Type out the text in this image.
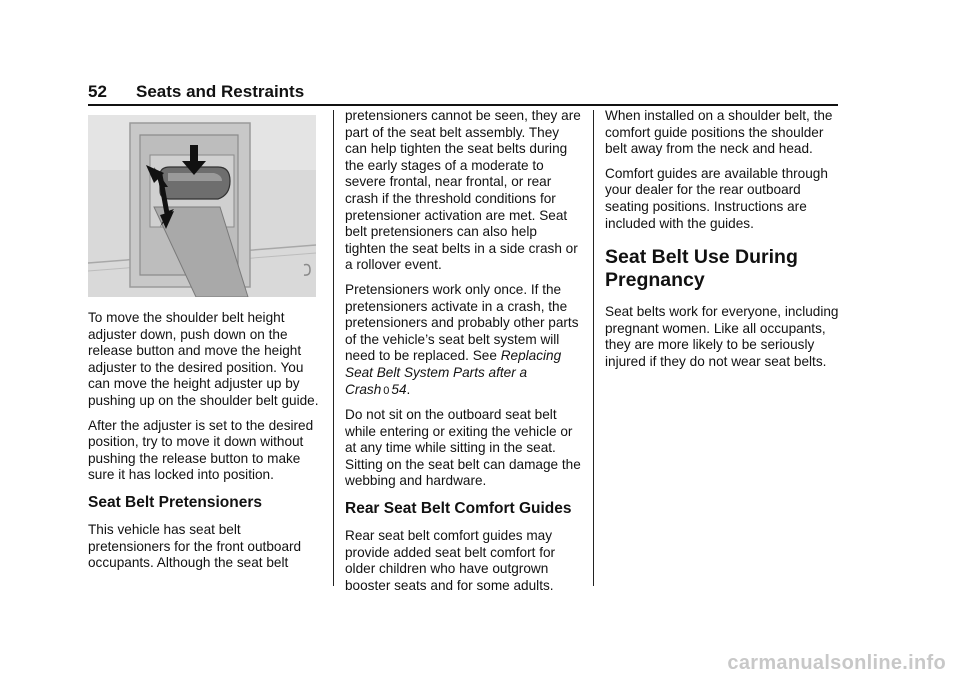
52 Seats and Restraints

To move the shoulder belt height adjuster down, push down on the release button and move the height adjuster to the desired position. You can move the height adjuster up by pushing up on the shoulder belt guide.

After the adjuster is set to the desired position, try to move it down without pushing the release button to make sure it has locked into position.

Seat Belt Pretensioners

This vehicle has seat belt pretensioners for the front outboard occupants. Although the seat belt

pretensioners cannot be seen, they are part of the seat belt assembly. They can help tighten the seat belts during the early stages of a moderate to severe frontal, near frontal, or rear crash if the threshold conditions for pretensioner activation are met. Seat belt pretensioners can also help tighten the seat belts in a side crash or a rollover event.

Pretensioners work only once. If the pretensioners activate in a crash, the pretensioners and probably other parts of the vehicle’s seat belt system will need to be replaced. See Replacing Seat Belt System Parts after a Crash 0 54.

Do not sit on the outboard seat belt while entering or exiting the vehicle or at any time while sitting in the seat. Sitting on the seat belt can damage the webbing and hardware.

Rear Seat Belt Comfort Guides

Rear seat belt comfort guides may provide added seat belt comfort for older children who have outgrown booster seats and for some adults.

When installed on a shoulder belt, the comfort guide positions the shoulder belt away from the neck and head.

Comfort guides are available through your dealer for the rear outboard seating positions. Instructions are included with the guides.

Seat Belt Use During Pregnancy

Seat belts work for everyone, including pregnant women. Like all occupants, they are more likely to be seriously injured if they do not wear seat belts.

carmanualsonline.info
